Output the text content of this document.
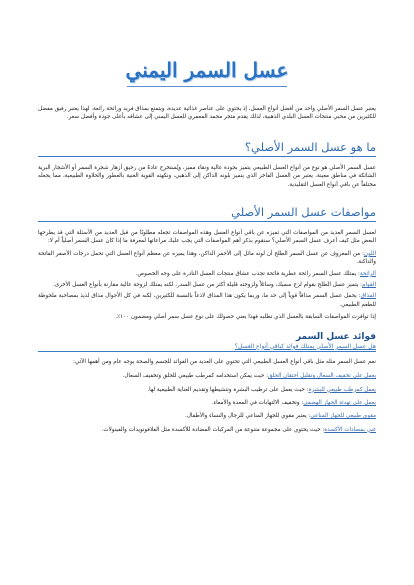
عسل السمر اليمني

يعتبر عسل السمر الأصلي واحد من أفضل أنواع العسل، إذ يحتوي على عناصر غذائية عديدة، ويتمتع بمذاق فريد ورائحة رائعة. لهذا يعتبر رفيق مفضل للكثيرين من محبي منتجات العسل البلدي الذهبية، لذلك يقدم متجر محمد المعمري للعسل اليمني إلى عشاقه بأعلى جودة وأفضل سعر.

ما هو عسل السمر الأصلي؟

عسل السمر الأصلي هو نوع من أنواع العسل الطبيعي يتميز بجودة عالية ونقاء مميز، ويُستخرج عادةً من رحيق أزهار شجرة السمر أو الأشجار البرية الشائكة في مناطق معينة، يعتبر من العسل الفاخر الذي يتميز بلونه الداكن إلى الذهبي، ونكهته القوية الغنية بالعطور والحلاوة الطبيعية، مما يجعله مختلفاً عن باقي أنواع العسل التقليدية.

مواصفات عسل السمر الأصلي

لعسل السمر العديد من المواصفات التي تميزه عن باقي أنواع العسل وهذه المواصفات تجعله مطلوبًا من قبل العديد من الأسئلة التي قد يطرحها البعض مثل كيف أعرف عسل السمر الأصلي؟ سنقوم بذكر أهم المواصفات التي يجب عليك مراعاتها لمعرفة ما إذا كان عسل السمر أصلياً أم لا:

اللون: من المعروف عن عسل السمر الطلح أن لونه مائل إلى الأحمر الداكن، وهذا يميزه عن معظم أنواع العسل التي تحمل درجات الأصفر الفاتحة والداكنة.

الرائحة: يمتلك عسل السمر رائحة عطرية فائحة تجذب عشاق منتجات العسل النادرة على وجه الخصوص.

القوام: يتميز عسل الطلح بقوام لزج سميك، وسائلاً ولزوجته قليلة أكثر من عسل السدر، لكنه يمتلك لزوجة عالية مقارنة بأنواع العسل الأخرى.

المذاق: يحمل عسل السمر مذاقاً قوياً إلى حد ما، وربما يكون هذا المذاق لاذعاً بالنسبة للكثيرين، لكنه في كل الأحوال مذاق لذيذ بمصاحبة ملحوظة للطعم الطبيعي.

إذا توافرت المواصفات السابقة بالعسل الذي تطلبه فهذا يعني حصولك على نوع عسل سمر أصلي ومضمون ١٠٠٪.

فوائد عسل السمر
هل عسل السمر الأصلي يمتلك فوائد كباقي أنواع العسل؟

نعم عسل السمر مثله مثل باقي أنواع العسل الطبيعي التي تحتوي على العديد من الفوائد للجسم والصحة بوجه عام ومن أهمها الآتي:

يعمل على تخفيف السعال وتقليل احتقان الحلق: حيث يمكن استخدامه كمرطب طبيعي للحلق وتخفيف السعال.

يعمل كمرطب طبيعي للبشرة: حيث يعمل على ترطيب البشرة وتنشيطها وتقديم العناية الطبيعية لها.

يعمل على تهدئة الجهاز الهضمي: وتخفيف الالتهابات في المعدة والأمعاء.

مقوي طبيعي للجهاز المناعي: يعتبر مقوي للجهاز المناعي للرجال والنساء والأطفال.

غني بمضادات الأكسدة: حيث يحتوي على مجموعة متنوعة من المركبات المضادة للأكسدة مثل الفلافونويدات والفينولات.
